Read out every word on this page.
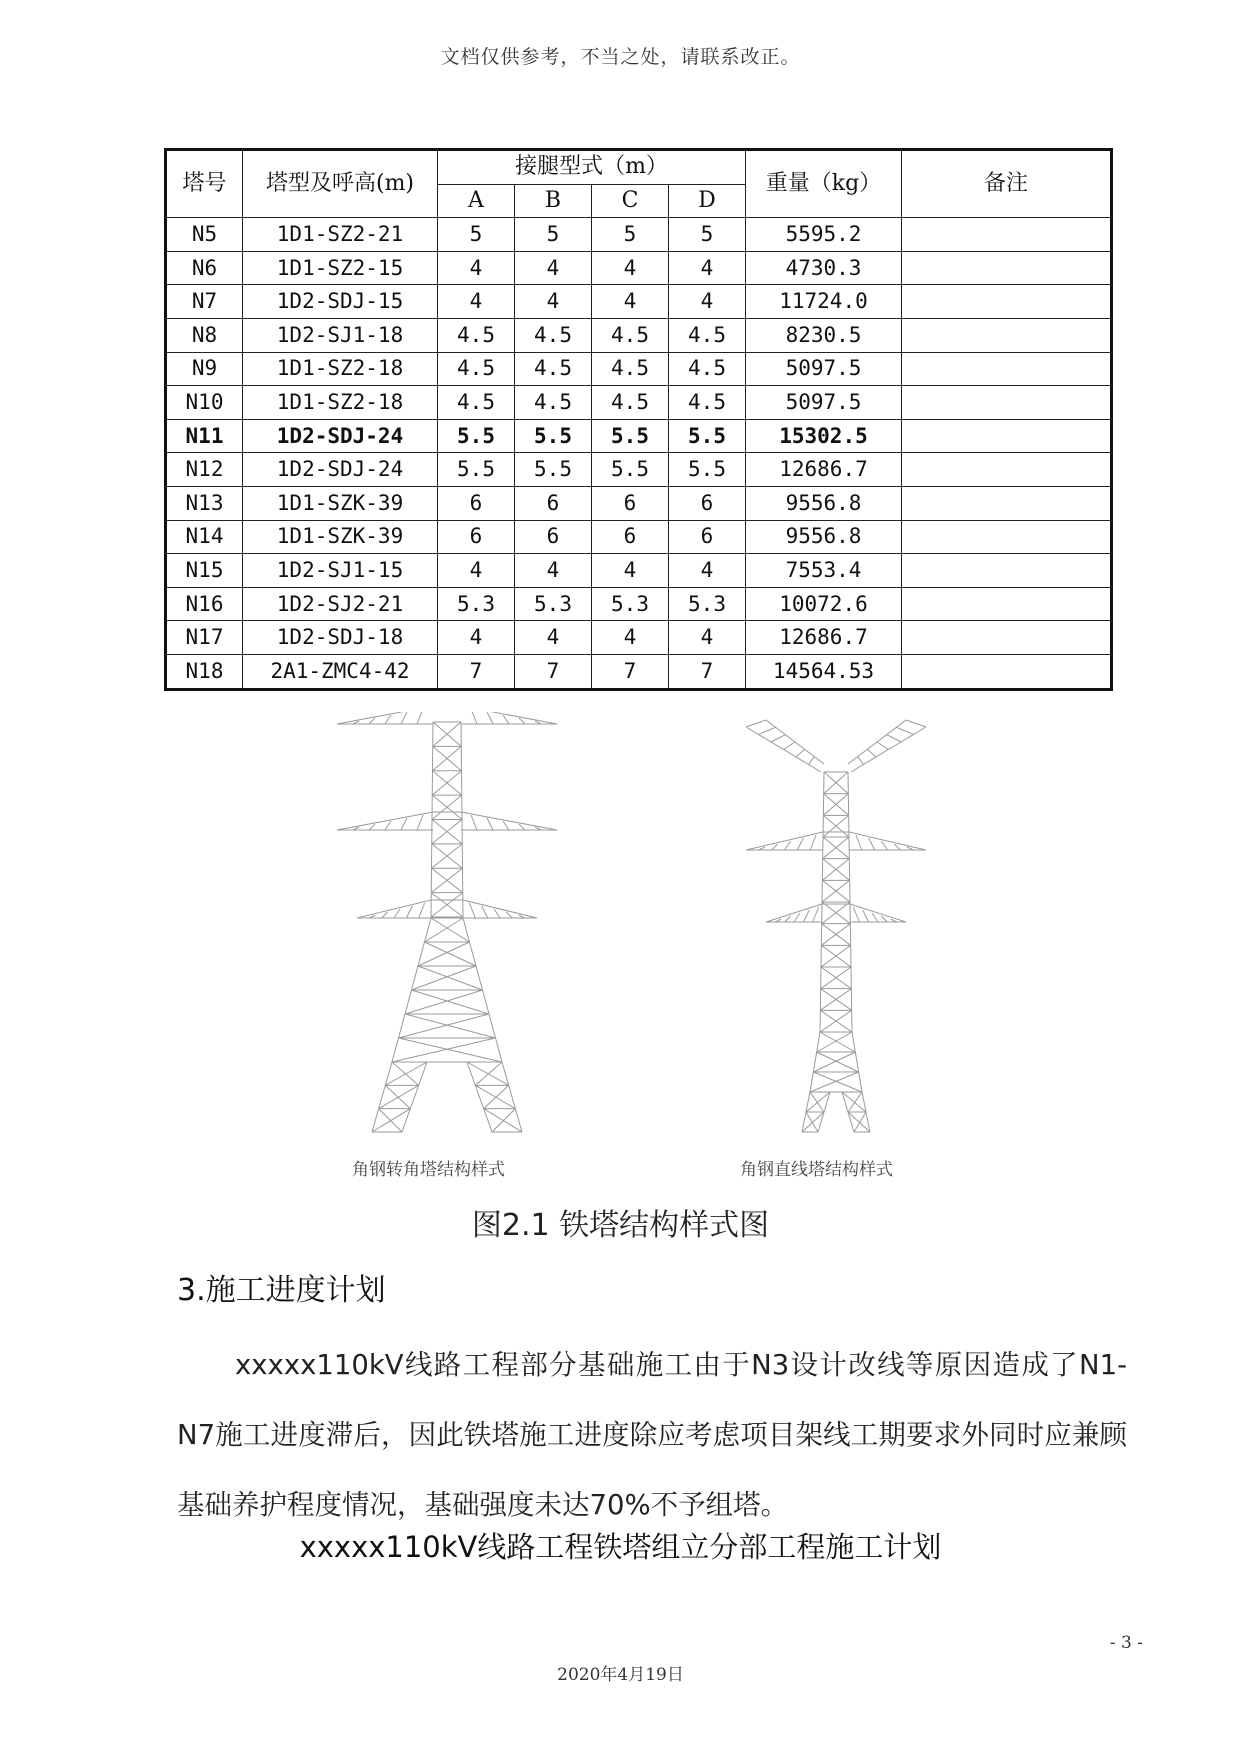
文档仅供参考，不当之处，请联系改正。
塔号	塔型及呼高(m)	接腿型式（m）				重量（kg）	备注
		A	B	C	D		
N5	1D1-SZ2-21	5	5	5	5	5595.2	
N6	1D1-SZ2-15	4	4	4	4	4730.3	
N7	1D2-SDJ-15	4	4	4	4	11724.0	
N8	1D2-SJ1-18	4.5	4.5	4.5	4.5	8230.5	
N9	1D1-SZ2-18	4.5	4.5	4.5	4.5	5097.5	
N10	1D1-SZ2-18	4.5	4.5	4.5	4.5	5097.5	
N11	1D2-SDJ-24	5.5	5.5	5.5	5.5	15302.5	
N12	1D2-SDJ-24	5.5	5.5	5.5	5.5	12686.7	
N13	1D1-SZK-39	6	6	6	6	9556.8	
N14	1D1-SZK-39	6	6	6	6	9556.8	
N15	1D2-SJ1-15	4	4	4	4	7553.4	
N16	1D2-SJ2-21	5.3	5.3	5.3	5.3	10072.6	
N17	1D2-SDJ-18	4	4	4	4	12686.7	
N18	2A1-ZMC4-42	7	7	7	7	14564.53	
角钢转角塔结构样式	角钢直线塔结构样式
图2.1 铁塔结构样式图
3.施工进度计划
xxxxx110kV线路工程部分基础施工由于N3设计改线等原因造成了N1-N7施工进度滞后，因此铁塔施工进度除应考虑项目架线工期要求外同时应兼顾基础养护程度情况，基础强度未达70%不予组塔。
xxxxx110kV线路工程铁塔组立分部工程施工计划
- 3 -
2020年4月19日
